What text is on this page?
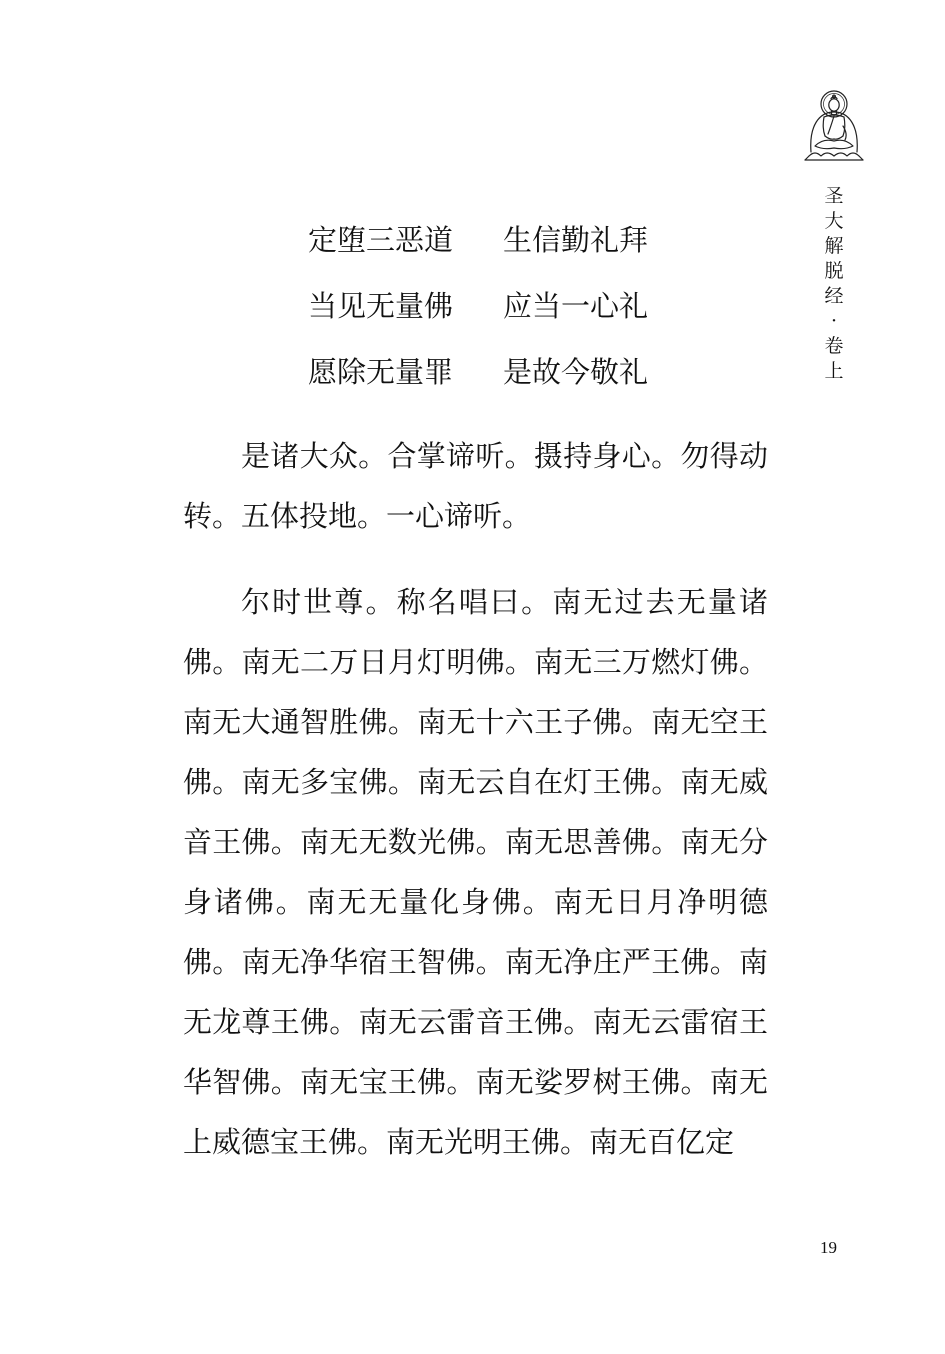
圣
大
解
脱
经
·
卷
上
定堕三恶道 生信勤礼拜
当见无量佛 应当一心礼
愿除无量罪 是故今敬礼

是诸大众。合掌谛听。摄持身心。勿得动转。五体投地。一心谛听。

尔时世尊。称名唱曰。南无过去无量诸佛。南无二万日月灯明佛。南无三万燃灯佛。南无大通智胜佛。南无十六王子佛。南无空王佛。南无多宝佛。南无云自在灯王佛。南无威音王佛。南无无数光佛。南无思善佛。南无分身诸佛。南无无量化身佛。南无日月净明德佛。南无净华宿王智佛。南无净庄严王佛。南无龙尊王佛。南无云雷音王佛。南无云雷宿王华智佛。南无宝王佛。南无娑罗树王佛。南无上威德宝王佛。南无光明王佛。南无百亿定

19
